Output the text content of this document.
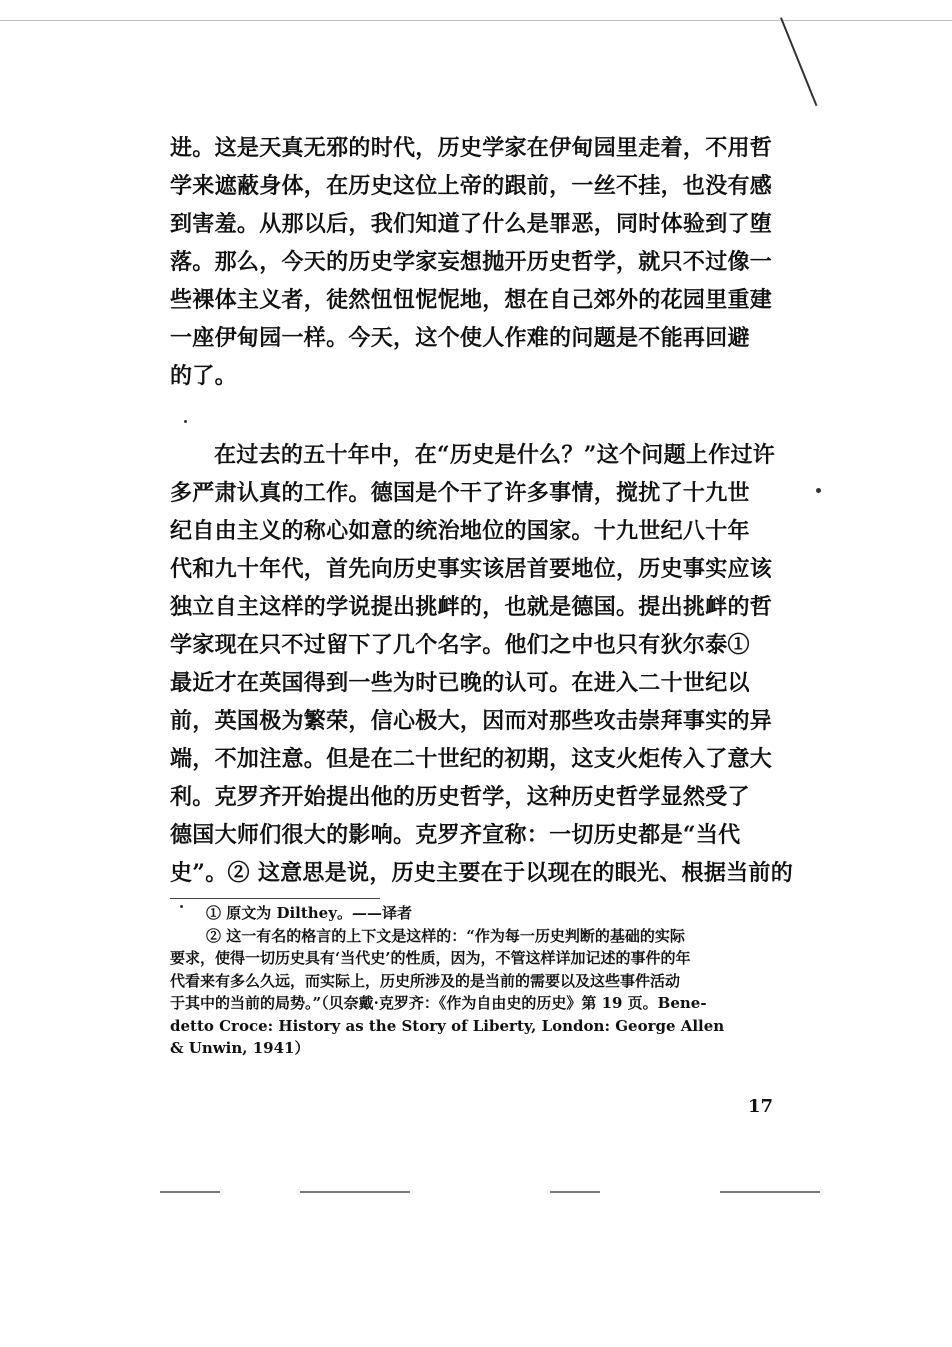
进。这是天真无邪的时代，历史学家在伊甸园里走着，不用哲
学来遮蔽身体，在历史这位上帝的跟前，一丝不挂，也没有感
到害羞。从那以后，我们知道了什么是罪恶，同时体验到了堕
落。那么，今天的历史学家妄想抛开历史哲学，就只不过像一
些裸体主义者，徒然忸忸怩怩地，想在自己郊外的花园里重建
一座伊甸园一样。今天，这个使人作难的问题是不能再回避
的了。
在过去的五十年中，在“历史是什么？”这个问题上作过许
多严肃认真的工作。德国是个干了许多事情，搅扰了十九世
纪自由主义的称心如意的统治地位的国家。十九世纪八十年
代和九十年代，首先向历史事实该居首要地位，历史事实应该
独立自主这样的学说提出挑衅的，也就是德国。提出挑衅的哲
学家现在只不过留下了几个名字。他们之中也只有狄尔泰①
最近才在英国得到一些为时已晚的认可。在进入二十世纪以
前，英国极为繁荣，信心极大，因而对那些攻击崇拜事实的异
端，不加注意。但是在二十世纪的初期，这支火炬传入了意大
利。克罗齐开始提出他的历史哲学，这种历史哲学显然受了
德国大师们很大的影响。克罗齐宣称：一切历史都是“当代
史”。② 这意思是说，历史主要在于以现在的眼光、根据当前的
① 原文为 Dilthey。——译者
② 这一有名的格言的上下文是这样的：“作为每一历史判断的基础的实际
要求，使得一切历史具有‘当代史’的性质，因为，不管这样详加记述的事件的年
代看来有多么久远，而实际上，历史所涉及的是当前的需要以及这些事件活动
于其中的当前的局势。”（贝奈戴·克罗齐：《作为自由史的历史》第 19 页。Bene-
detto Croce: History as the Story of Liberty, London: George Allen
& Unwin, 1941）
17
